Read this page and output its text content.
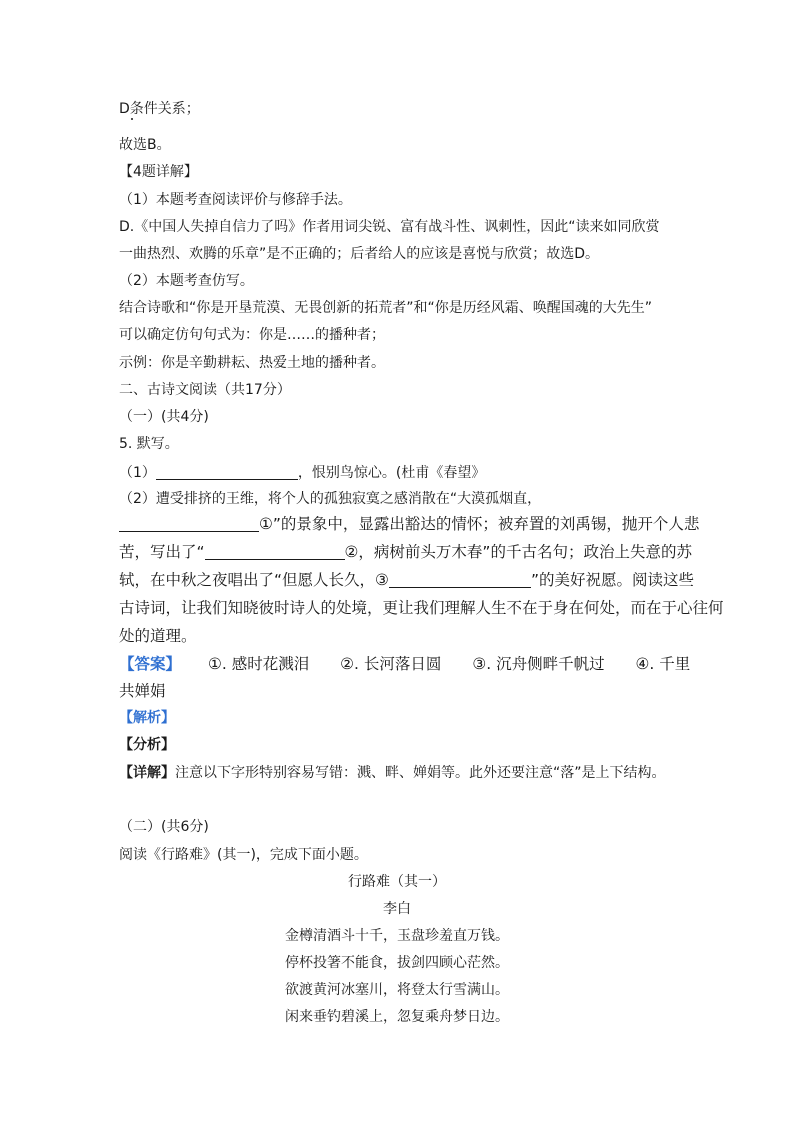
D条件关系；
故选B。
【4题详解】
（1）本题考查阅读评价与修辞手法。
D.《中国人失掉自信力了吗》作者用词尖锐、富有战斗性、讽刺性，因此“读来如同欣赏
一曲热烈、欢腾的乐章”是不正确的；后者给人的应该是喜悦与欣赏；故选D。
（2）本题考查仿写。
结合诗歌和“你是开垦荒漠、无畏创新的拓荒者”和“你是历经风霜、唤醒国魂的大先生”
可以确定仿句句式为：你是……的播种者；
示例：你是辛勤耕耘、热爱土地的播种者。
二、古诗文阅读（共17分）
（一）(共4分)
5. 默写。
（1）	，恨别鸟惊心。(杜甫《春望》
（2）遭受排挤的王维，将个人的孤独寂寞之感消散在“大漠孤烟直，
①”的景象中，显露出豁达的情怀；被弃置的刘禹锡，抛开个人悲
苦，写出了“	②，病树前头万木春”的千古名句；政治上失意的苏
轼，在中秋之夜唱出了“但愿人长久，③	”的美好祝愿。阅读这些
古诗词，让我们知晓彼时诗人的处境，更让我们理解人生不在于身在何处，而在于心往何
处的道理。
【答案】 ①. 感时花溅泪 ②. 长河落日圆 ③. 沉舟侧畔千帆过 ④. 千里
共婵娟
【解析】
【分析】
【详解】注意以下字形特别容易写错：溅、畔、婵娟等。此外还要注意“落”是上下结构。
（二）(共6分)
阅读《行路难》(其一)，完成下面小题。
行路难（其一）
李白
金樽清酒斗十千，玉盘珍羞直万钱。
停杯投箸不能食，拔剑四顾心茫然。
欲渡黄河冰塞川，将登太行雪满山。
闲来垂钓碧溪上，忽复乘舟梦日边。
